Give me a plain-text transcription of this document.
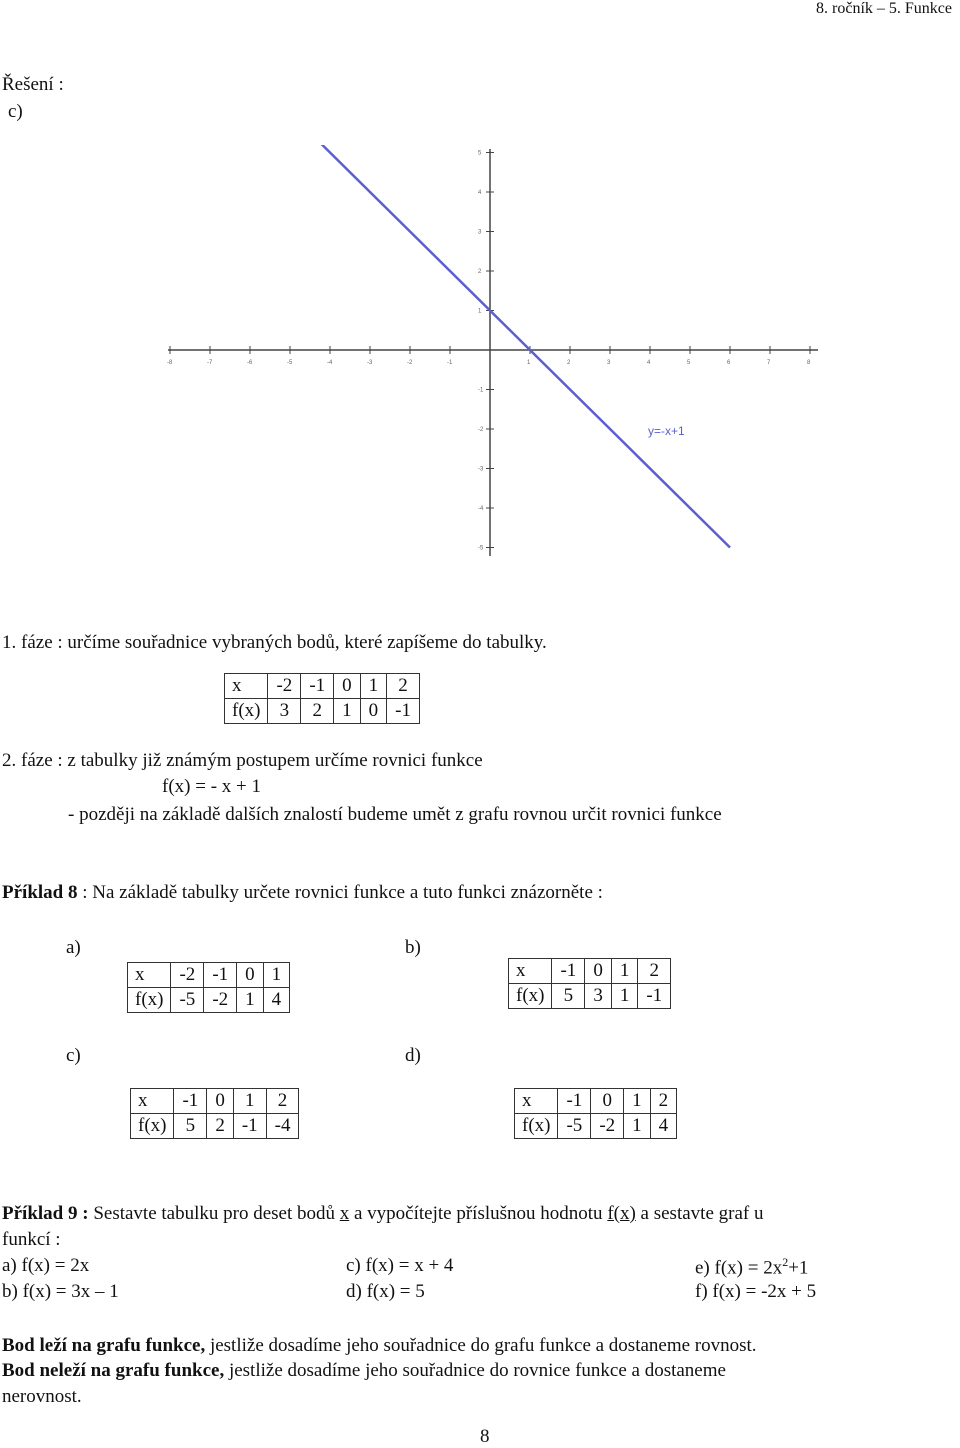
8. ročník – 5. Funkce
Řešení :
c)
-8	-7	-6	-5	-4	-3	-2	-1	1	2	3	4	5	6	7	8
-5
-4
-3
-2
-1
1
2
3
4
5
y=-x+1
1. fáze : určíme souřadnice vybraných bodů, které zapíšeme do tabulky.
x	-2	-1	0	1	2
f(x)	3	2	1	0	-1
2. fáze : z tabulky již známým postupem určíme rovnici funkce
f(x) = - x + 1
- později na základě dalších znalostí budeme umět z grafu rovnou určit rovnici funkce
Příklad 8 : Na základě tabulky určete rovnici funkce a tuto funkci znázorněte :
a)
x	-2	-1	0	1
f(x)	-5	-2	1	4
b)
x	-1	0	1	2
f(x)	5	3	1	-1
c)
x	-1	0	1	2
f(x)	5	2	-1	-4
d)
x	-1	0	1	2
f(x)	-5	-2	1	4
Příklad 9 : Sestavte tabulku pro deset bodů x a vypočítejte příslušnou hodnotu f(x) a sestavte graf u
funkcí :
a) f(x) = 2x
b) f(x) = 3x – 1
c) f(x) = x + 4
d) f(x) = 5
e) $f(x) = 2x^2+1$
f) f(x) = -2x + 5
Bod leží na grafu funkce, jestliže dosadíme jeho souřadnice do grafu funkce a dostaneme rovnost.
Bod neleží na grafu funkce, jestliže dosadíme jeho souřadnice do rovnice funkce a dostaneme
nerovnost.
8
